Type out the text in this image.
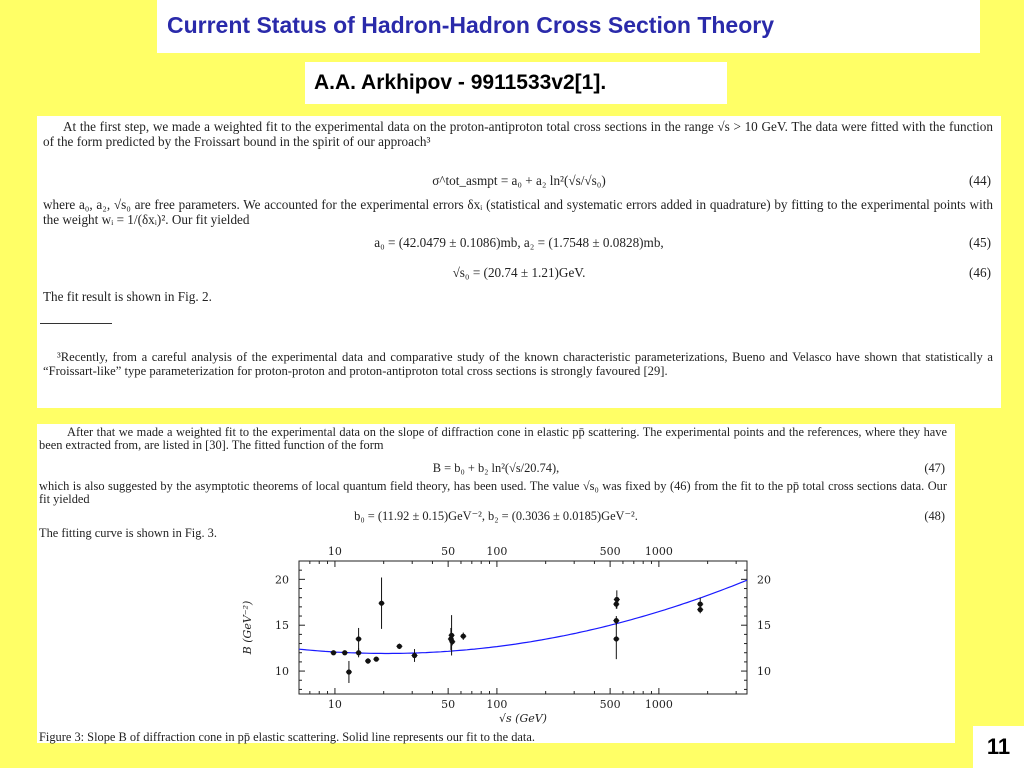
Current Status of Hadron-Hadron Cross Section Theory
A.A. Arkhipov - 9911533v2[1].
At the first step, we made a weighted fit to the experimental data on the proton-antiproton total cross sections in the range √s > 10 GeV. The data were fitted with the function of the form predicted by the Froissart bound in the spirit of our approach³
σ^tot_asmpt = a₀ + a₂ ln²(√s/√s₀)	(44)
where a₀, a₂, √s₀ are free parameters. We accounted for the experimental errors δxᵢ (statistical and systematic errors added in quadrature) by fitting to the experimental points with the weight wᵢ = 1/(δxᵢ)². Our fit yielded
a₀ = (42.0479 ± 0.1086)mb, a₂ = (1.7548 ± 0.0828)mb,	(45)
√s₀ = (20.74 ± 1.21)GeV.	(46)
The fit result is shown in Fig. 2.
³Recently, from a careful analysis of the experimental data and comparative study of the known characteristic parameterizations, Bueno and Velasco have shown that statistically a “Froissart-like” type parameterization for proton-proton and proton-antiproton total cross sections is strongly favoured [29].
After that we made a weighted fit to the experimental data on the slope of diffraction cone in elastic pp̄ scattering. The experimental points and the references, where they have been extracted from, are listed in [30]. The fitted function of the form
B = b₀ + b₂ ln²(√s/20.74),	(47)
which is also suggested by the asymptotic theorems of local quantum field theory, has been used. The value √s₀ was fixed by (46) from the fit to the pp̄ total cross sections data. Our fit yielded
b₀ = (11.92 ± 0.15)GeV⁻², b₂ = (0.3036 ± 0.0185)GeV⁻².	(48)
The fitting curve is shown in Fig. 3.
10
10
50
50
100
100
500
500
1000
1000
10	10
15	15
20	20
√s (GeV)
B (GeV⁻²)
Figure 3: Slope B of diffraction cone in pp̄ elastic scattering. Solid line represents our fit to the data.	11
